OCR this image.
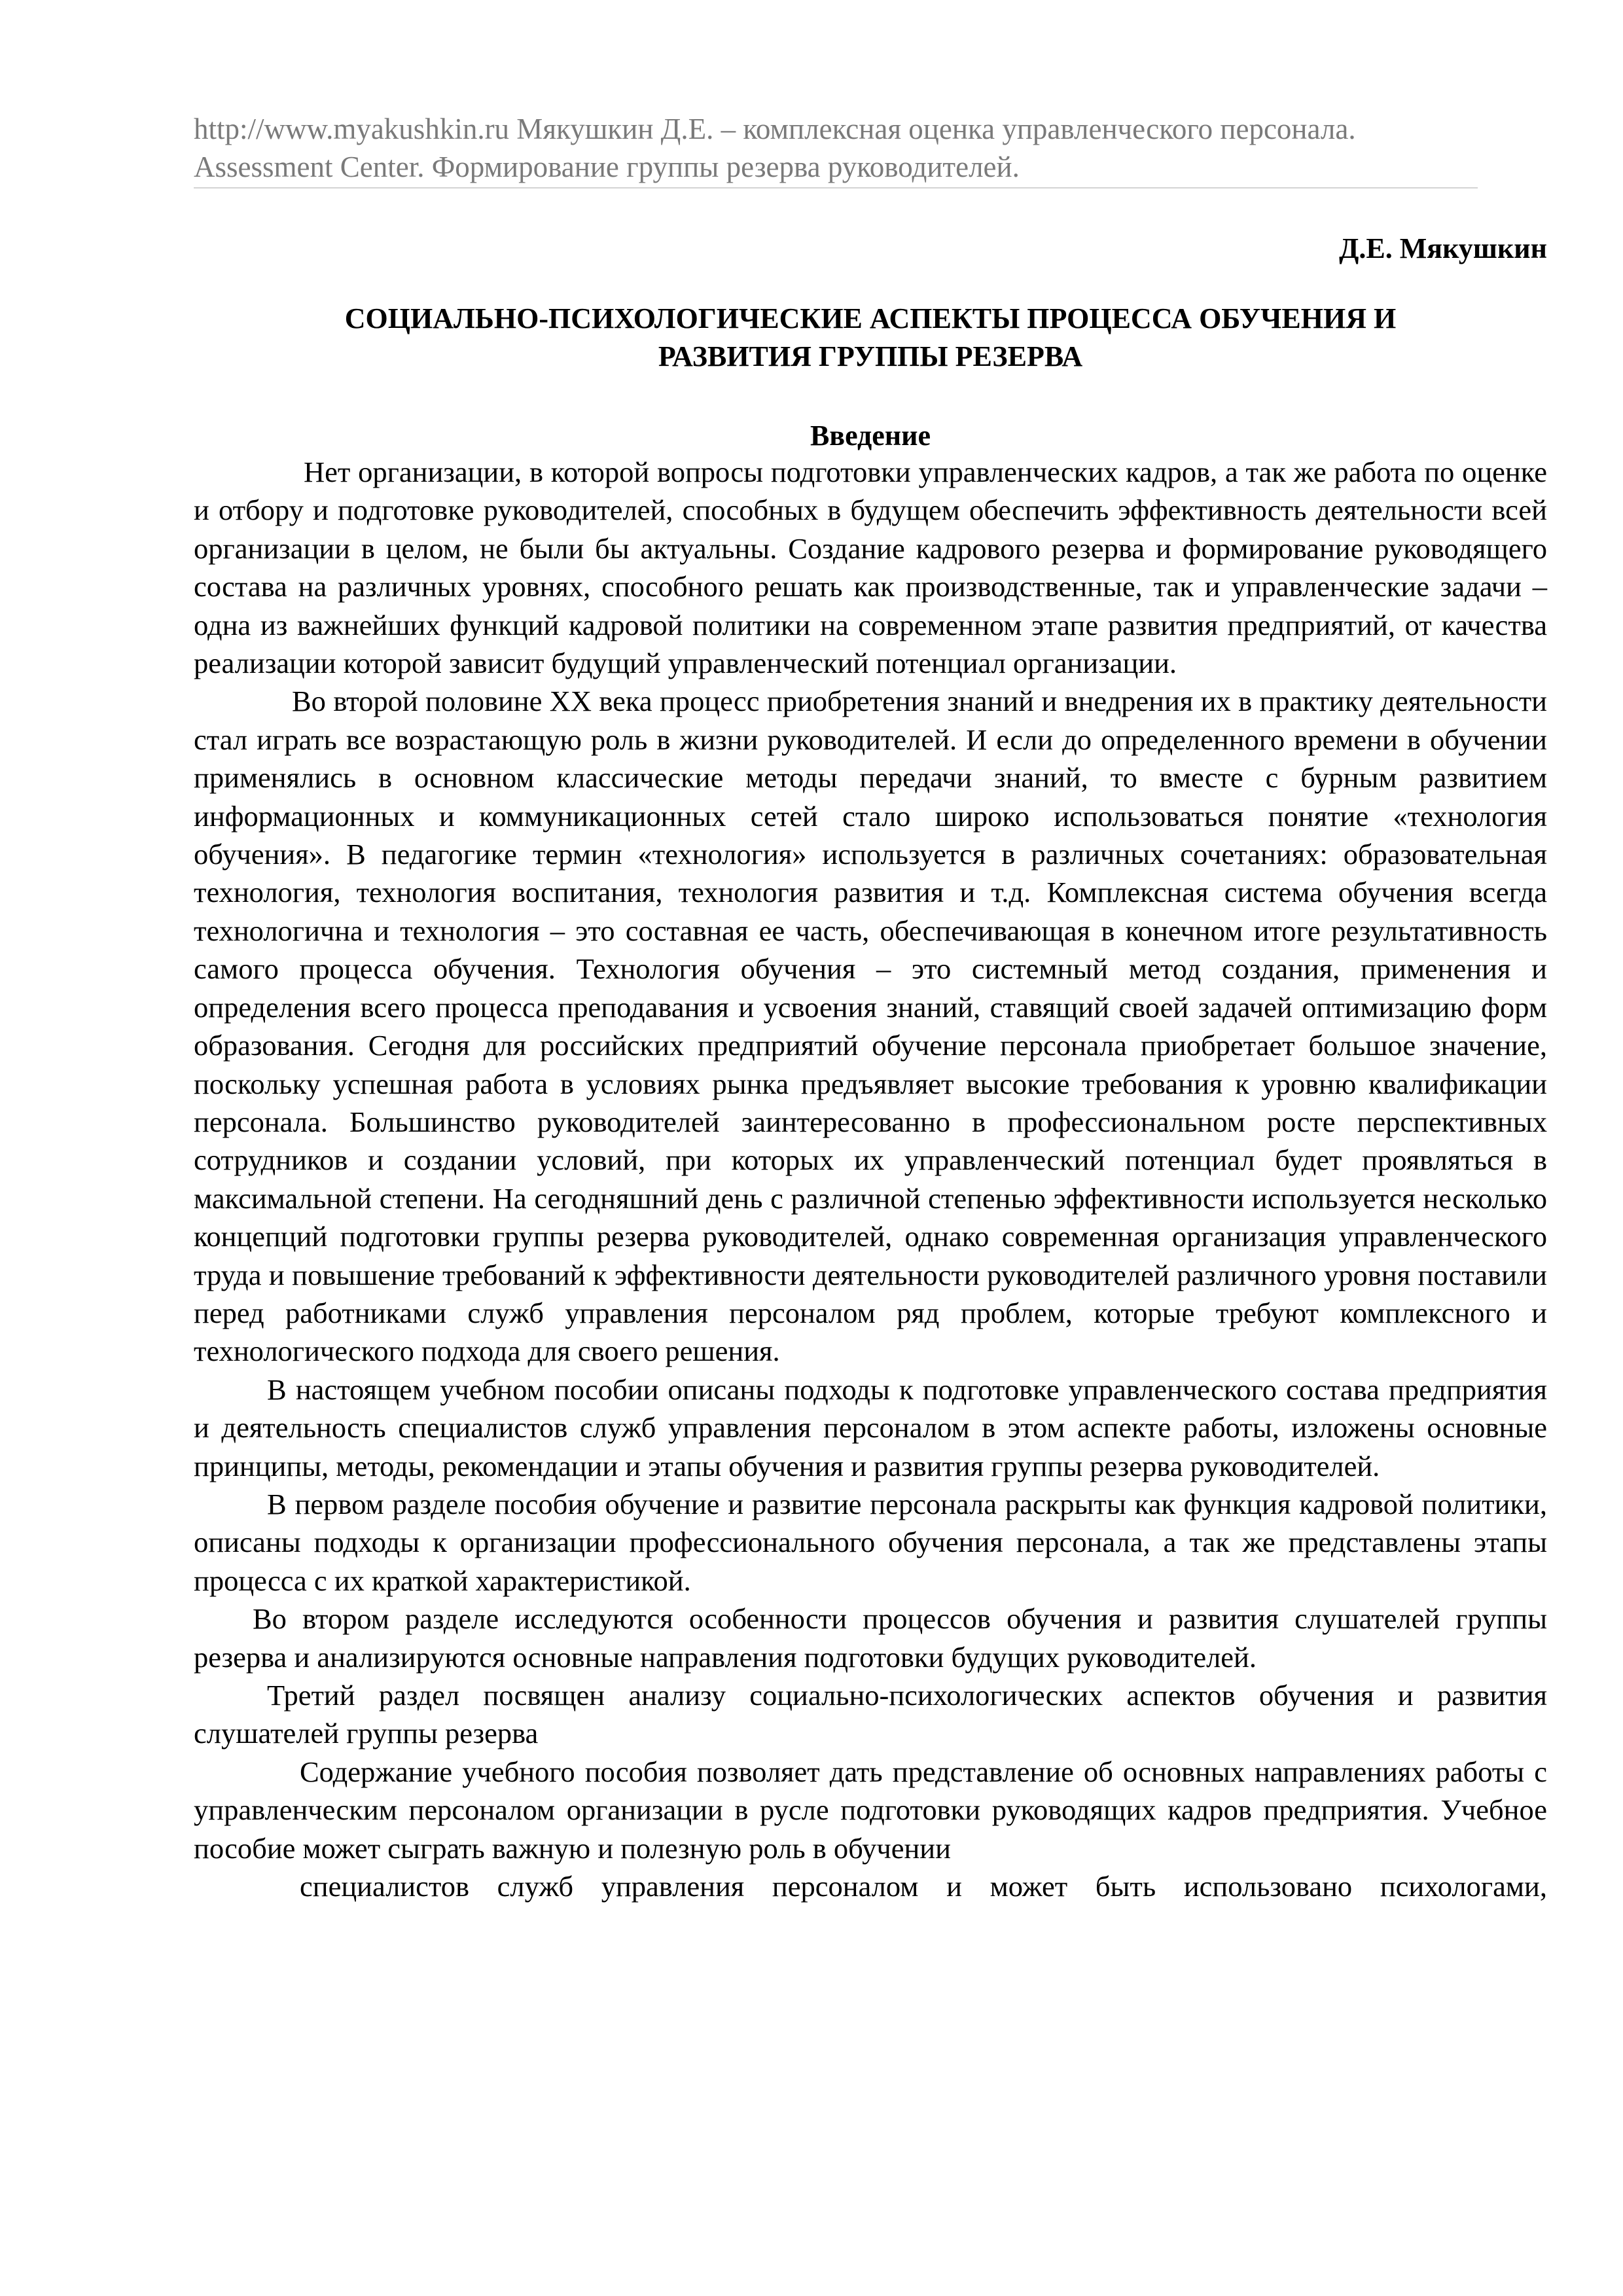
http://www.myakushkin.ru Мякушкин Д.Е. – комплексная оценка управленческого персонала.
Assessment Center. Формирование группы резерва руководителей.
Д.Е. Мякушкин
СОЦИАЛЬНО-ПСИХОЛОГИЧЕСКИЕ АСПЕКТЫ ПРОЦЕССА ОБУЧЕНИЯ И
РАЗВИТИЯ ГРУППЫ РЕЗЕРВА
Введение

Нет организации, в которой вопросы подготовки управленческих кадров, а так же работа по оценке и отбору и подготовке руководителей, способных в будущем обеспечить эффективность деятельности всей организации в целом, не были бы актуальны. Создание кадрового резерва и формирование руководящего состава на различных уровнях, способного решать как производственные, так и управленческие задачи – одна из важнейших функций кадровой политики на современном этапе развития предприятий, от качества реализации которой зависит будущий управленческий потенциал организации.

Во второй половине XX века процесс приобретения знаний и внедрения их в практику деятельности стал играть все возрастающую роль в жизни руководителей. И если до определенного времени в обучении применялись в основном классические методы передачи знаний, то вместе с бурным развитием информационных и коммуникационных сетей стало широко использоваться понятие «технология обучения». В педагогике термин «технология» используется в различных сочетаниях: образовательная технология, технология воспитания, технология развития и т.д. Комплексная система обучения всегда технологична и технология – это составная ее часть, обеспечивающая в конечном итоге результативность самого процесса обучения. Технология обучения – это системный метод создания, применения и определения всего процесса преподавания и усвоения знаний, ставящий своей задачей оптимизацию форм образования. Сегодня для российских предприятий обучение персонала приобретает большое значение, поскольку успешная работа в условиях рынка предъявляет высокие требования к уровню квалификации персонала. Большинство руководителей заинтересованно в профессиональном росте перспективных сотрудников и создании условий, при которых их управленческий потенциал будет проявляться в максимальной степени. На сегодняшний день с различной степенью эффективности используется несколько концепций подготовки группы резерва руководителей, однако современная организация управленческого труда и повышение требований к эффективности деятельности руководителей различного уровня поставили перед работниками служб управления персоналом ряд проблем, которые требуют комплексного и технологического подхода для своего решения.

В настоящем учебном пособии описаны подходы к подготовке управленческого состава предприятия и деятельность специалистов служб управления персоналом в этом аспекте работы, изложены основные принципы, методы, рекомендации и этапы обучения и развития группы резерва руководителей.

В первом разделе пособия обучение и развитие персонала раскрыты как функция кадровой политики, описаны подходы к организации профессионального обучения персонала, а так же представлены этапы процесса с их краткой характеристикой.

Во втором разделе исследуются особенности процессов обучения и развития слушателей группы резерва и анализируются основные направления подготовки будущих руководителей.

Третий раздел посвящен анализу социально-психологических аспектов обучения и развития слушателей группы резерва

Содержание учебного пособия позволяет дать представление об основных направлениях работы с управленческим персоналом организации в русле подготовки руководящих кадров предприятия. Учебное пособие может сыграть важную и полезную роль в обучении

специалистов служб управления персоналом и может быть использовано психологами,
